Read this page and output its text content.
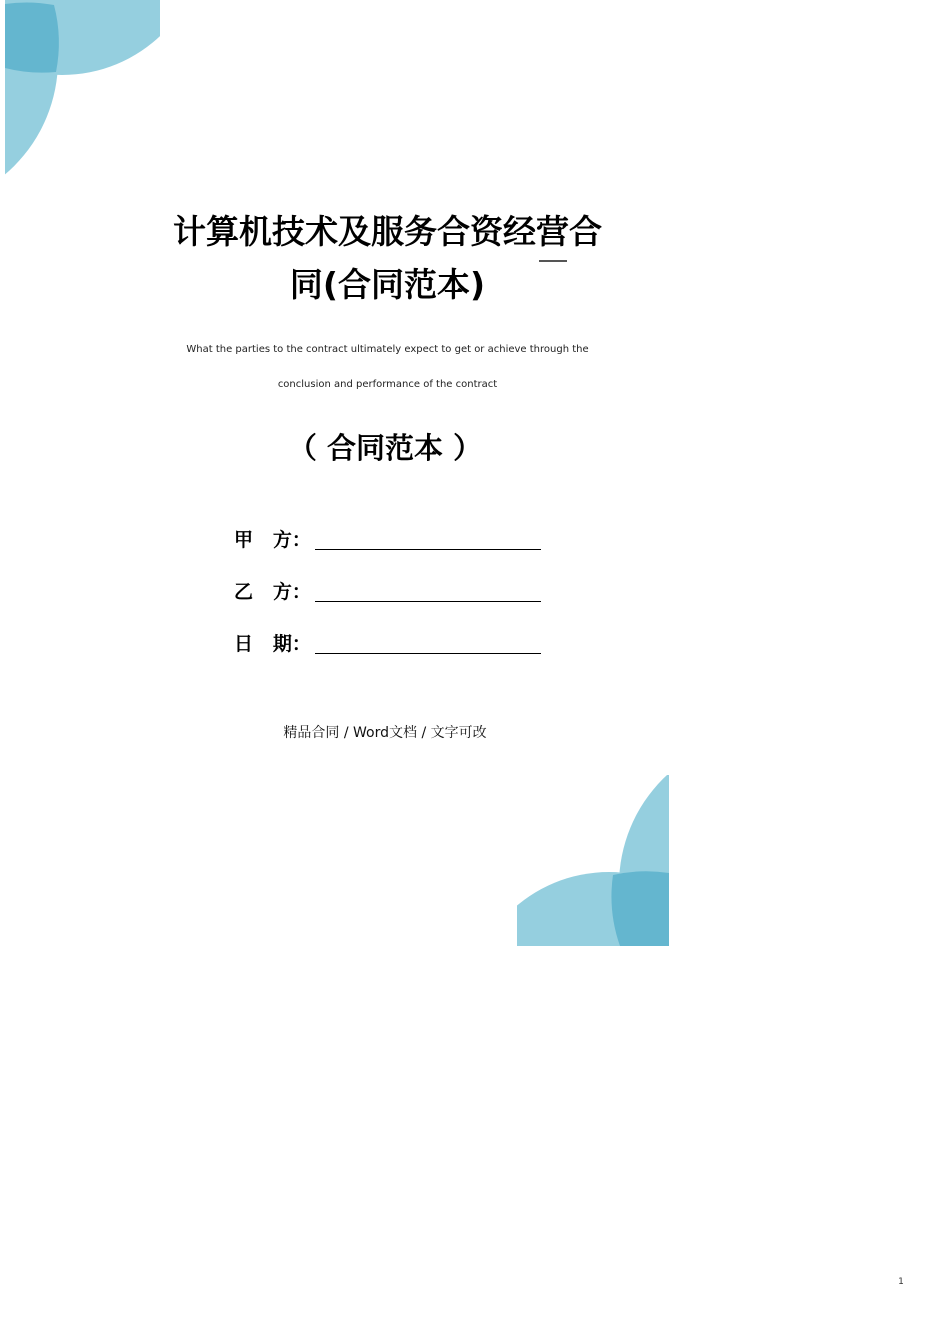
计算机技术及服务合资经营合
同(合同范本)
What the parties to the contract ultimately expect to get or achieve through the
conclusion and performance of the contract
（ 合同范本 ）
甲   方：
乙   方：
日   期：
精品合同 / Word文档 / 文字可改
1
